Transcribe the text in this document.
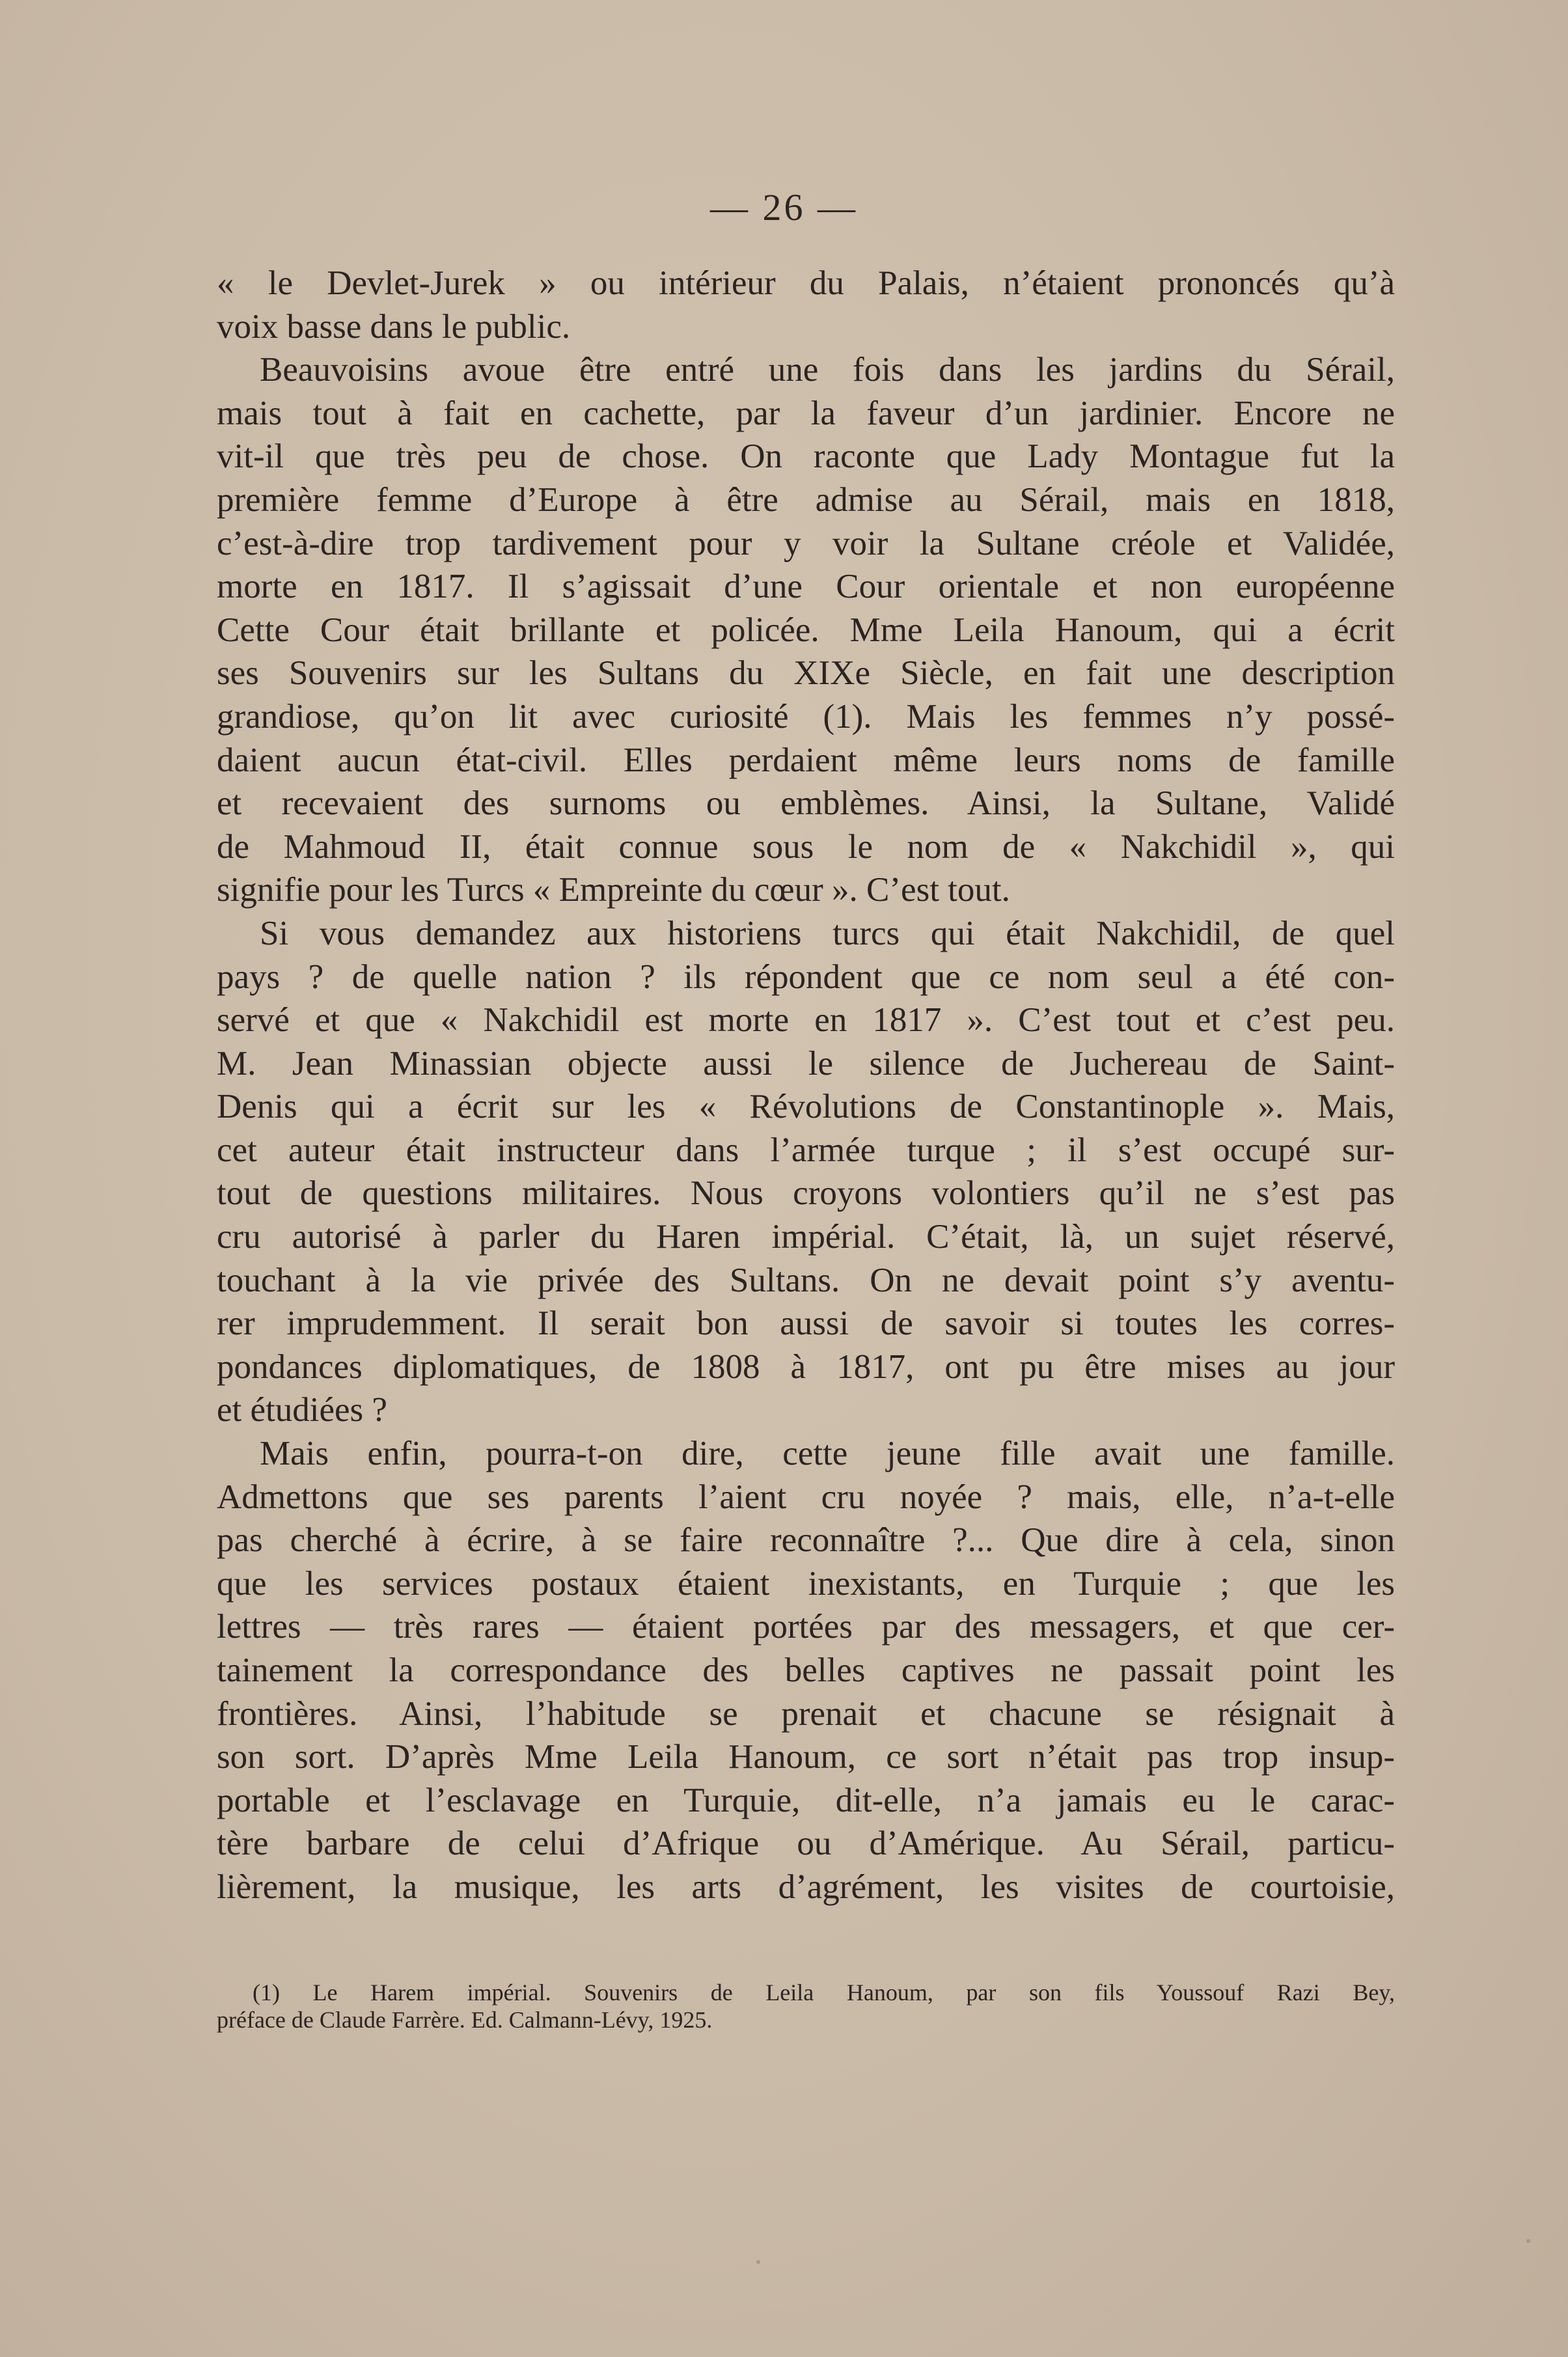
— 26 —
« le Devlet-Jurek » ou intérieur du Palais, n’étaient prononcés qu’à
voix basse dans le public.
Beauvoisins avoue être entré une fois dans les jardins du Sérail,
mais tout à fait en cachette, par la faveur d’un jardinier. Encore ne
vit-il que très peu de chose. On raconte que Lady Montague fut la
première femme d’Europe à être admise au Sérail, mais en 1818,
c’est-à-dire trop tardivement pour y voir la Sultane créole et Validée,
morte en 1817. Il s’agissait d’une Cour orientale et non européenne
Cette Cour était brillante et policée. Mme Leila Hanoum, qui a écrit
ses Souvenirs sur les Sultans du XIXe Siècle, en fait une description
grandiose, qu’on lit avec curiosité (1). Mais les femmes n’y possé-
daient aucun état-civil. Elles perdaient même leurs noms de famille
et recevaient des surnoms ou emblèmes. Ainsi, la Sultane, Validé
de Mahmoud II, était connue sous le nom de « Nakchidil », qui
signifie pour les Turcs « Empreinte du cœur ». C’est tout.
Si vous demandez aux historiens turcs qui était Nakchidil, de quel
pays ? de quelle nation ? ils répondent que ce nom seul a été con-
servé et que « Nakchidil est morte en 1817 ». C’est tout et c’est peu.
M. Jean Minassian objecte aussi le silence de Juchereau de Saint-
Denis qui a écrit sur les « Révolutions de Constantinople ». Mais,
cet auteur était instructeur dans l’armée turque ; il s’est occupé sur-
tout de questions militaires. Nous croyons volontiers qu’il ne s’est pas
cru autorisé à parler du Haren impérial. C’était, là, un sujet réservé,
touchant à la vie privée des Sultans. On ne devait point s’y aventu-
rer imprudemment. Il serait bon aussi de savoir si toutes les corres-
pondances diplomatiques, de 1808 à 1817, ont pu être mises au jour
et étudiées ?
Mais enfin, pourra-t-on dire, cette jeune fille avait une famille.
Admettons que ses parents l’aient cru noyée ? mais, elle, n’a-t-elle
pas cherché à écrire, à se faire reconnaître ?... Que dire à cela, sinon
que les services postaux étaient inexistants, en Turquie ; que les
lettres — très rares — étaient portées par des messagers, et que cer-
tainement la correspondance des belles captives ne passait point les
frontières. Ainsi, l’habitude se prenait et chacune se résignait à
son sort. D’après Mme Leila Hanoum, ce sort n’était pas trop insup-
portable et l’esclavage en Turquie, dit-elle, n’a jamais eu le carac-
tère barbare de celui d’Afrique ou d’Amérique. Au Sérail, particu-
lièrement, la musique, les arts d’agrément, les visites de courtoisie,
(1) Le Harem impérial. Souvenirs de Leila Hanoum, par son fils Youssouf Razi Bey,
préface de Claude Farrère. Ed. Calmann-Lévy, 1925.
